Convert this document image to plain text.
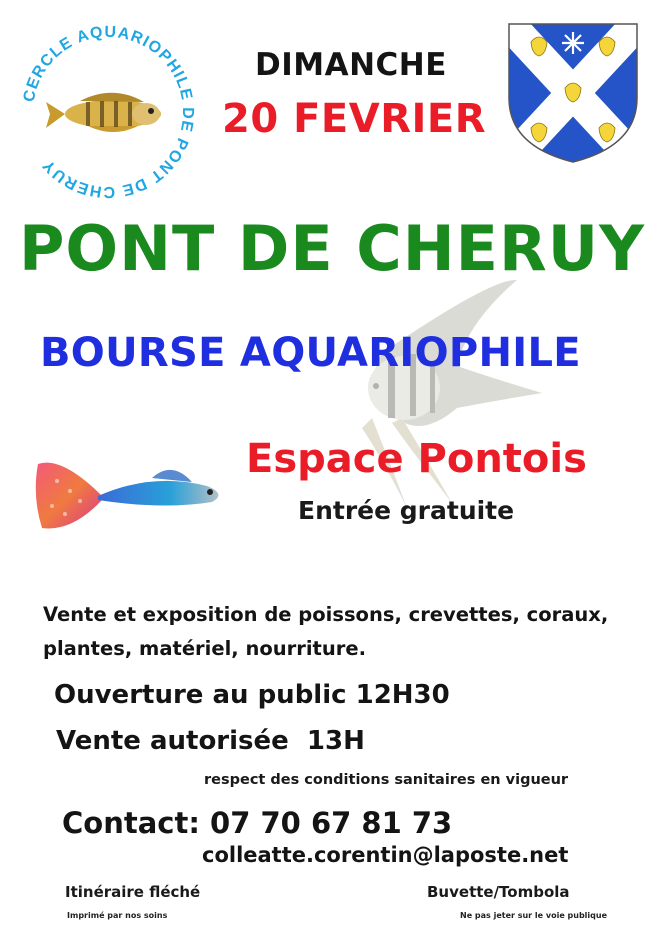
CERCLE AQUARIOPHILE DE PONT DE CHERUY
DIMANCHE
20 FEVRIER
PONT DE CHERUY
BOURSE AQUARIOPHILE
Espace Pontois
Entrée gratuite
Vente et exposition de poissons, crevettes, coraux,
plantes, matériel, nourriture.
Ouverture au public 12H30
Vente autorisée 13H
respect des conditions sanitaires en vigueur
Contact: 07 70 67 81 73
colleatte.corentin@laposte.net
Itinéraire fléché	Buvette/Tombola
Imprimé par nos soins	Ne pas jeter sur le voie publique
